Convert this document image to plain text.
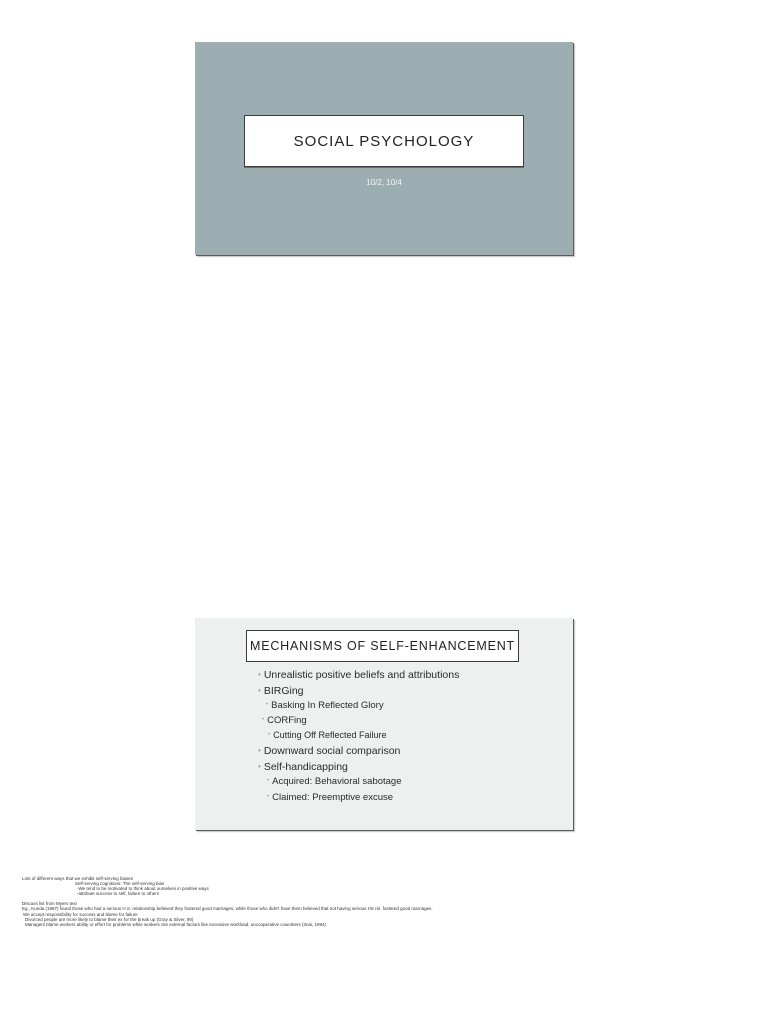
SOCIAL PSYCHOLOGY
10/2, 10/4
MECHANISMS OF SELF-ENHANCEMENT
• Unrealistic positive beliefs and attributions
• BIRGing
• Basking In Reflected Glory
• CORFing
• Cutting Off Reflected Failure
• Downward social comparison
• Self-handicapping
• Acquired: Behavioral sabotage
• Claimed: Preemptive excuse
Lots of different ways that we exhibit self-serving biases
Self-serving cognitions: The self-serving bias
-We tend to be motivated to think about ourselves in positive ways
-attribute success to self, failure to others
Discuss list from Myers text
Eg., Kunda (1987) found those who had a serious H.S. relationship believed they fostered good marriages, while those who didn't have them believed that not having serious HS rel. fostered good marriages.
We accept responsibility for success and blame for failure
Divorced people are more likely to blame their ex for the break up (Gray & Silver, 90)
Managers blame workers ability or effort for problems while workers cite external factors like excessive workload, uncooperative coworkers (Imai, 1994)
